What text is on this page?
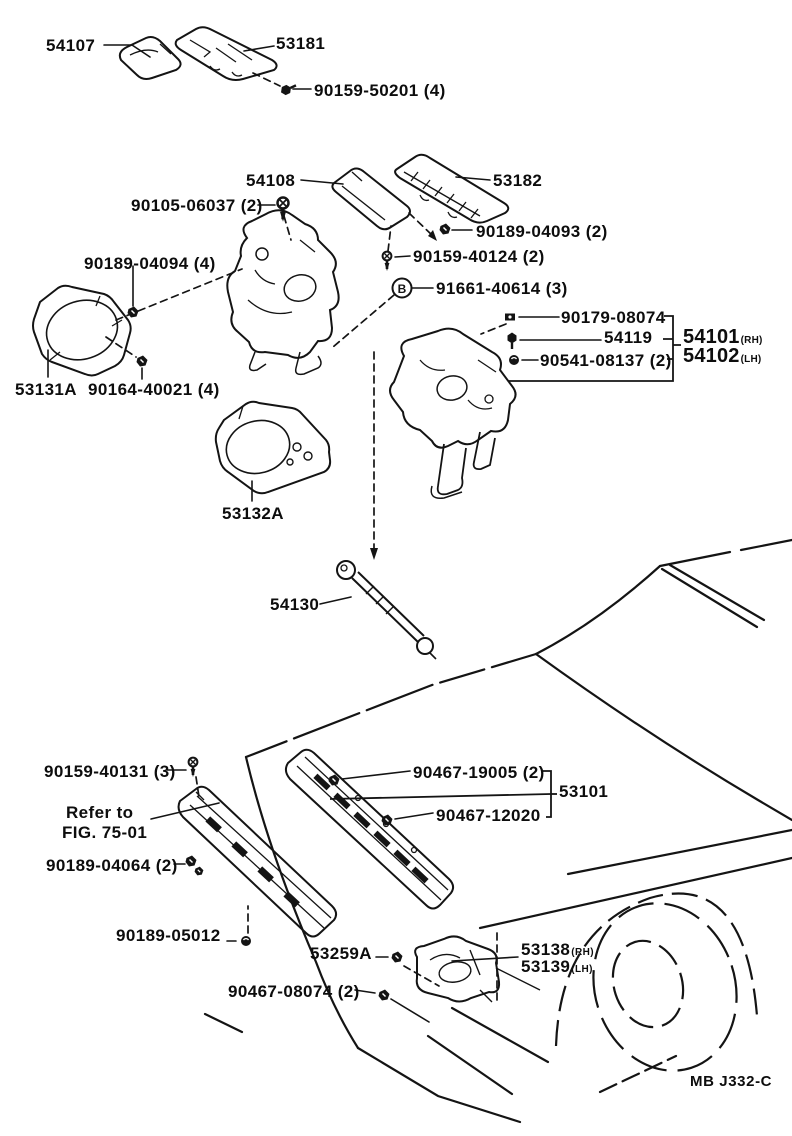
B
54107	53181
90159-50201 (4)
54108	53182
90105-06037 (2)
90189-04093 (2)
90159-40124 (2)
90189-04094 (4)
91661-40614 (3)
90179-08074
54119 54101(RH)
54102(LH)
90541-08137 (2)
53131A 90164-40021 (4)
53132A
54130
90159-40131 (3)
Refer to
FIG. 75-01
90467-19005 (2)
53101
90467-12020
90189-04064 (2)
90189-05012
53259A	53138(RH)
53139(LH)
90467-08074 (2)
MB J332-C
